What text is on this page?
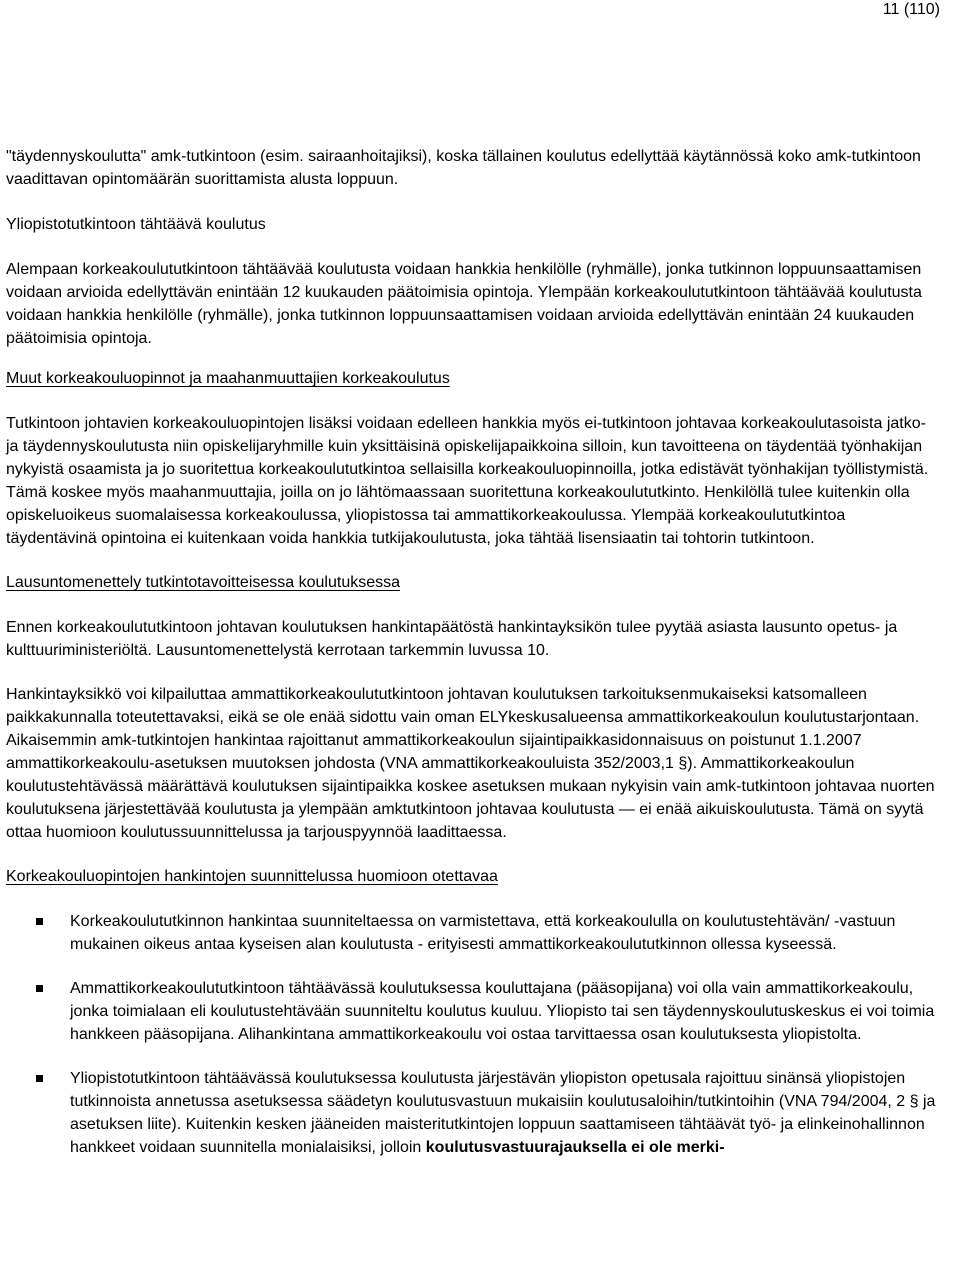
11 (110)

"täydennyskoulutta" amk-tutkintoon (esim. sairaanhoitajiksi), koska tällainen koulutus edellyttää käytännössä koko amk-tutkintoon vaadittavan opintomäärän suorittamista alusta loppuun.

Yliopistotutkintoon tähtäävä koulutus

Alempaan korkeakoulututkintoon tähtäävää koulutusta voidaan hankkia henkilölle (ryhmälle), jonka tutkinnon loppuunsaattamisen voidaan arvioida edellyttävän enintään 12 kuukauden päätoimisia opintoja. Ylempään korkeakoulututkintoon tähtäävää koulutusta voidaan hankkia henkilölle (ryhmälle), jonka tutkinnon loppuunsaattamisen voidaan arvioida edellyttävän enintään 24 kuukauden päätoimisia opintoja.

Muut korkeakouluopinnot ja maahanmuuttajien korkeakoulutus

Tutkintoon johtavien korkeakouluopintojen lisäksi voidaan edelleen hankkia myös ei-tutkintoon johtavaa korkeakoulutasoista jatko- ja täydennyskoulutusta niin opiskelijaryhmille kuin yksittäisinä opiskelijapaikkoina silloin, kun tavoitteena on täydentää työnhakijan nykyistä osaamista ja jo suoritettua korkeakoulututkintoa sellaisilla korkeakouluopinnoilla, jotka edistävät työnhakijan työllistymistä. Tämä koskee myös maahanmuuttajia, joilla on jo lähtömaassaan suoritettuna korkeakoulututkinto. Henkilöllä tulee kuitenkin olla opiskeluoikeus suomalaisessa korkeakoulussa, yliopistossa tai ammattikorkeakoulussa. Ylempää korkeakoulututkintoa täydentävinä opintoina ei kuitenkaan voida hankkia tutkijakoulutusta, joka tähtää lisensiaatin tai tohtorin tutkintoon.

Lausuntomenettely tutkintotavoitteisessa koulutuksessa

Ennen korkeakoulututkintoon johtavan koulutuksen hankintapäätöstä hankintayksikön tulee pyytää asiasta lausunto opetus- ja kulttuuriministeriöltä. Lausuntomenettelystä kerrotaan tarkemmin luvussa 10.

Hankintayksikkö voi kilpailuttaa ammattikorkeakoulututkintoon johtavan koulutuksen tarkoituksenmukaiseksi katsomalleen paikkakunnalla toteutettavaksi, eikä se ole enää sidottu vain oman ELYkeskusalueensa ammattikorkeakoulun koulutustarjontaan. Aikaisemmin amk-tutkintojen hankintaa rajoittanut ammattikorkeakoulun sijaintipaikkasidonnaisuus on poistunut 1.1.2007 ammattikorkeakoulu-asetuksen muutoksen johdosta (VNA ammattikorkeakouluista 352/2003,1 §). Ammattikorkeakoulun koulutustehtävässä määrättävä koulutuksen sijaintipaikka koskee asetuksen mukaan nykyisin vain amk-tutkintoon johtavaa nuorten koulutuksena järjestettävää koulutusta ja ylempään amktutkintoon johtavaa koulutusta — ei enää aikuiskoulutusta. Tämä on syytä ottaa huomioon koulutussuunnittelussa ja tarjouspyynnöä laadittaessa.

Korkeakouluopintojen hankintojen suunnittelussa huomioon otettavaa

Korkeakoulututkinnon hankintaa suunniteltaessa on varmistettava, että korkeakoululla on koulutustehtävän/ -vastuun mukainen oikeus antaa kyseisen alan koulutusta - erityisesti ammattikorkeakoulututkinnon ollessa kyseessä.
Ammattikorkeakoulututkintoon tähtäävässä koulutuksessa kouluttajana (pääsopijana) voi olla vain ammattikorkeakoulu, jonka toimialaan eli koulutustehtävään suunniteltu koulutus kuuluu. Yliopisto tai sen täydennyskoulutuskeskus ei voi toimia hankkeen pääsopijana. Alihankintana ammattikorkeakoulu voi ostaa tarvittaessa osan koulutuksesta yliopistolta.
Yliopistotutkintoon tähtäävässä koulutuksessa koulutusta järjestävän yliopiston opetusala rajoittuu sinänsä yliopistojen tutkinnoista annetussa asetuksessa säädetyn koulutusvastuun mukaisiin koulutusaloihin/tutkintoihin (VNA 794/2004, 2 § ja asetuksen liite). Kuitenkin kesken jääneiden maisteritutkintojen loppuun saattamiseen tähtäävät työ- ja elinkeinohallinnon hankkeet voidaan suunnitella monialaisiksi, jolloin koulutusvastuurajauksella ei ole merki-
